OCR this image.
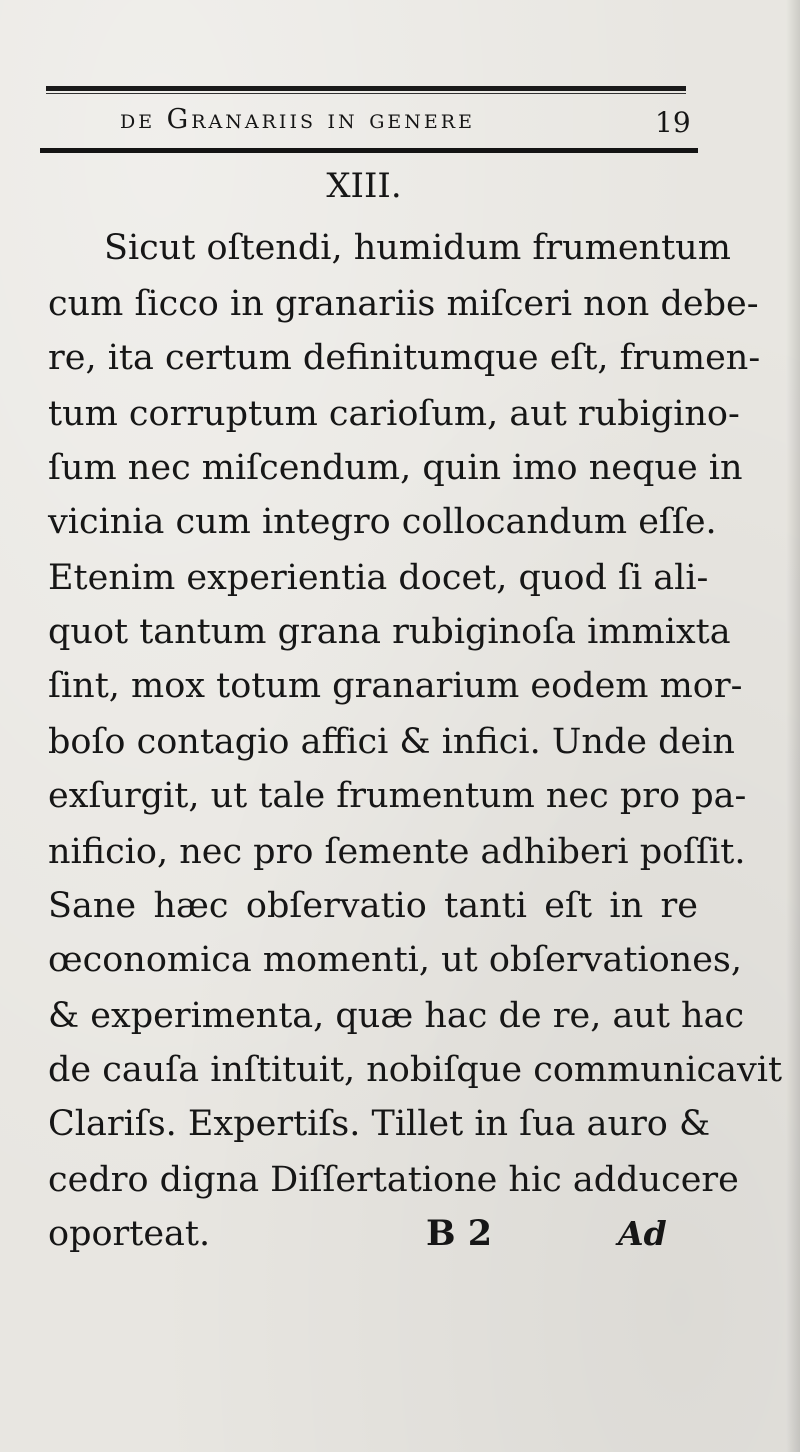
de Granariis in genere	19
XIII.
Sicut oſtendi, humidum frumentum
cum ſicco in granariis miſceri non debe-
re, ita certum definitumque eſt, frumen-
tum corruptum carioſum, aut rubigino-
ſum nec miſcendum, quin imo neque in
vicinia cum integro collocandum eſſe.
Etenim experientia docet, quod ſi ali-
quot tantum grana rubiginoſa immixta
ſint, mox totum granarium eodem mor-
boſo contagio affici & infici. Unde dein
exſurgit, ut tale frumentum nec pro pa-
nificio, nec pro ſemente adhiberi poſſit.
Sane hæc obſervatio tanti eſt in re
œconomica momenti, ut obſervationes,
& experimenta, quæ hac de re, aut hac
de cauſa inſtituit, nobiſque communicavit
Clariſs. Expertiſs. Tillet in ſua auro &
cedro digna Diſſertatione hic adducere
oporteat.	B 2	Ad
